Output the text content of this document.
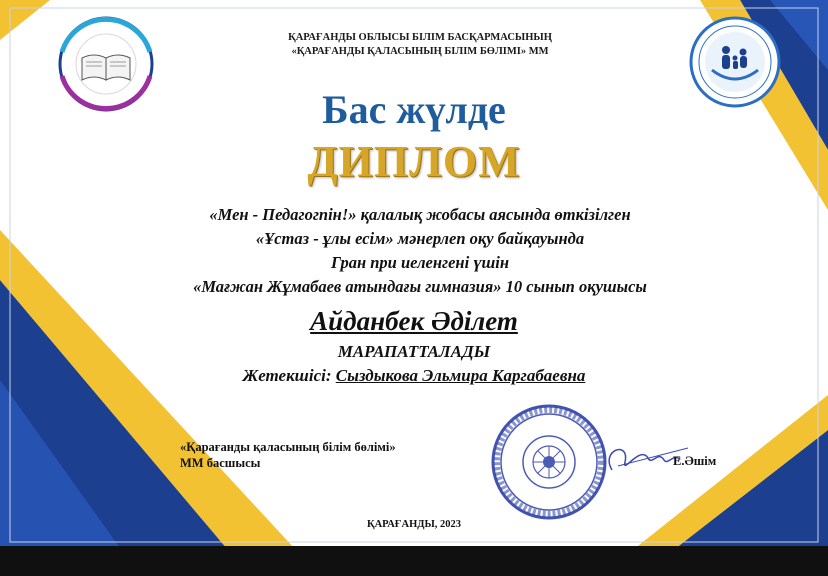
ҚАРАҒАНДЫ ОБЛЫСЫ БІЛІМ БАСҚАРМАСЫНЫҢ
«ҚАРАҒАНДЫ ҚАЛАСЫНЫҢ БІЛІМ БӨЛІМІ» ММ
Бас жүлде
ДИПЛОМ
«Мен - Педагогпін!» қалалық жобасы аясында өткізілген
«Ұстаз - ұлы есім» мәнерлеп оқу байқауында
Гран при иеленгені үшін
«Мағжан Жұмабаев атындағы гимназия» 10 сынып оқушысы
Айданбек Әділет
МАРАПАТТАЛАДЫ
Жетекшісі: Сыздыкова Эльмира Каргабаевна
«Қарағанды қаласының білім бөлімі»
ММ басшысы	Е.Әшім
ҚАРАҒАНДЫ, 2023
